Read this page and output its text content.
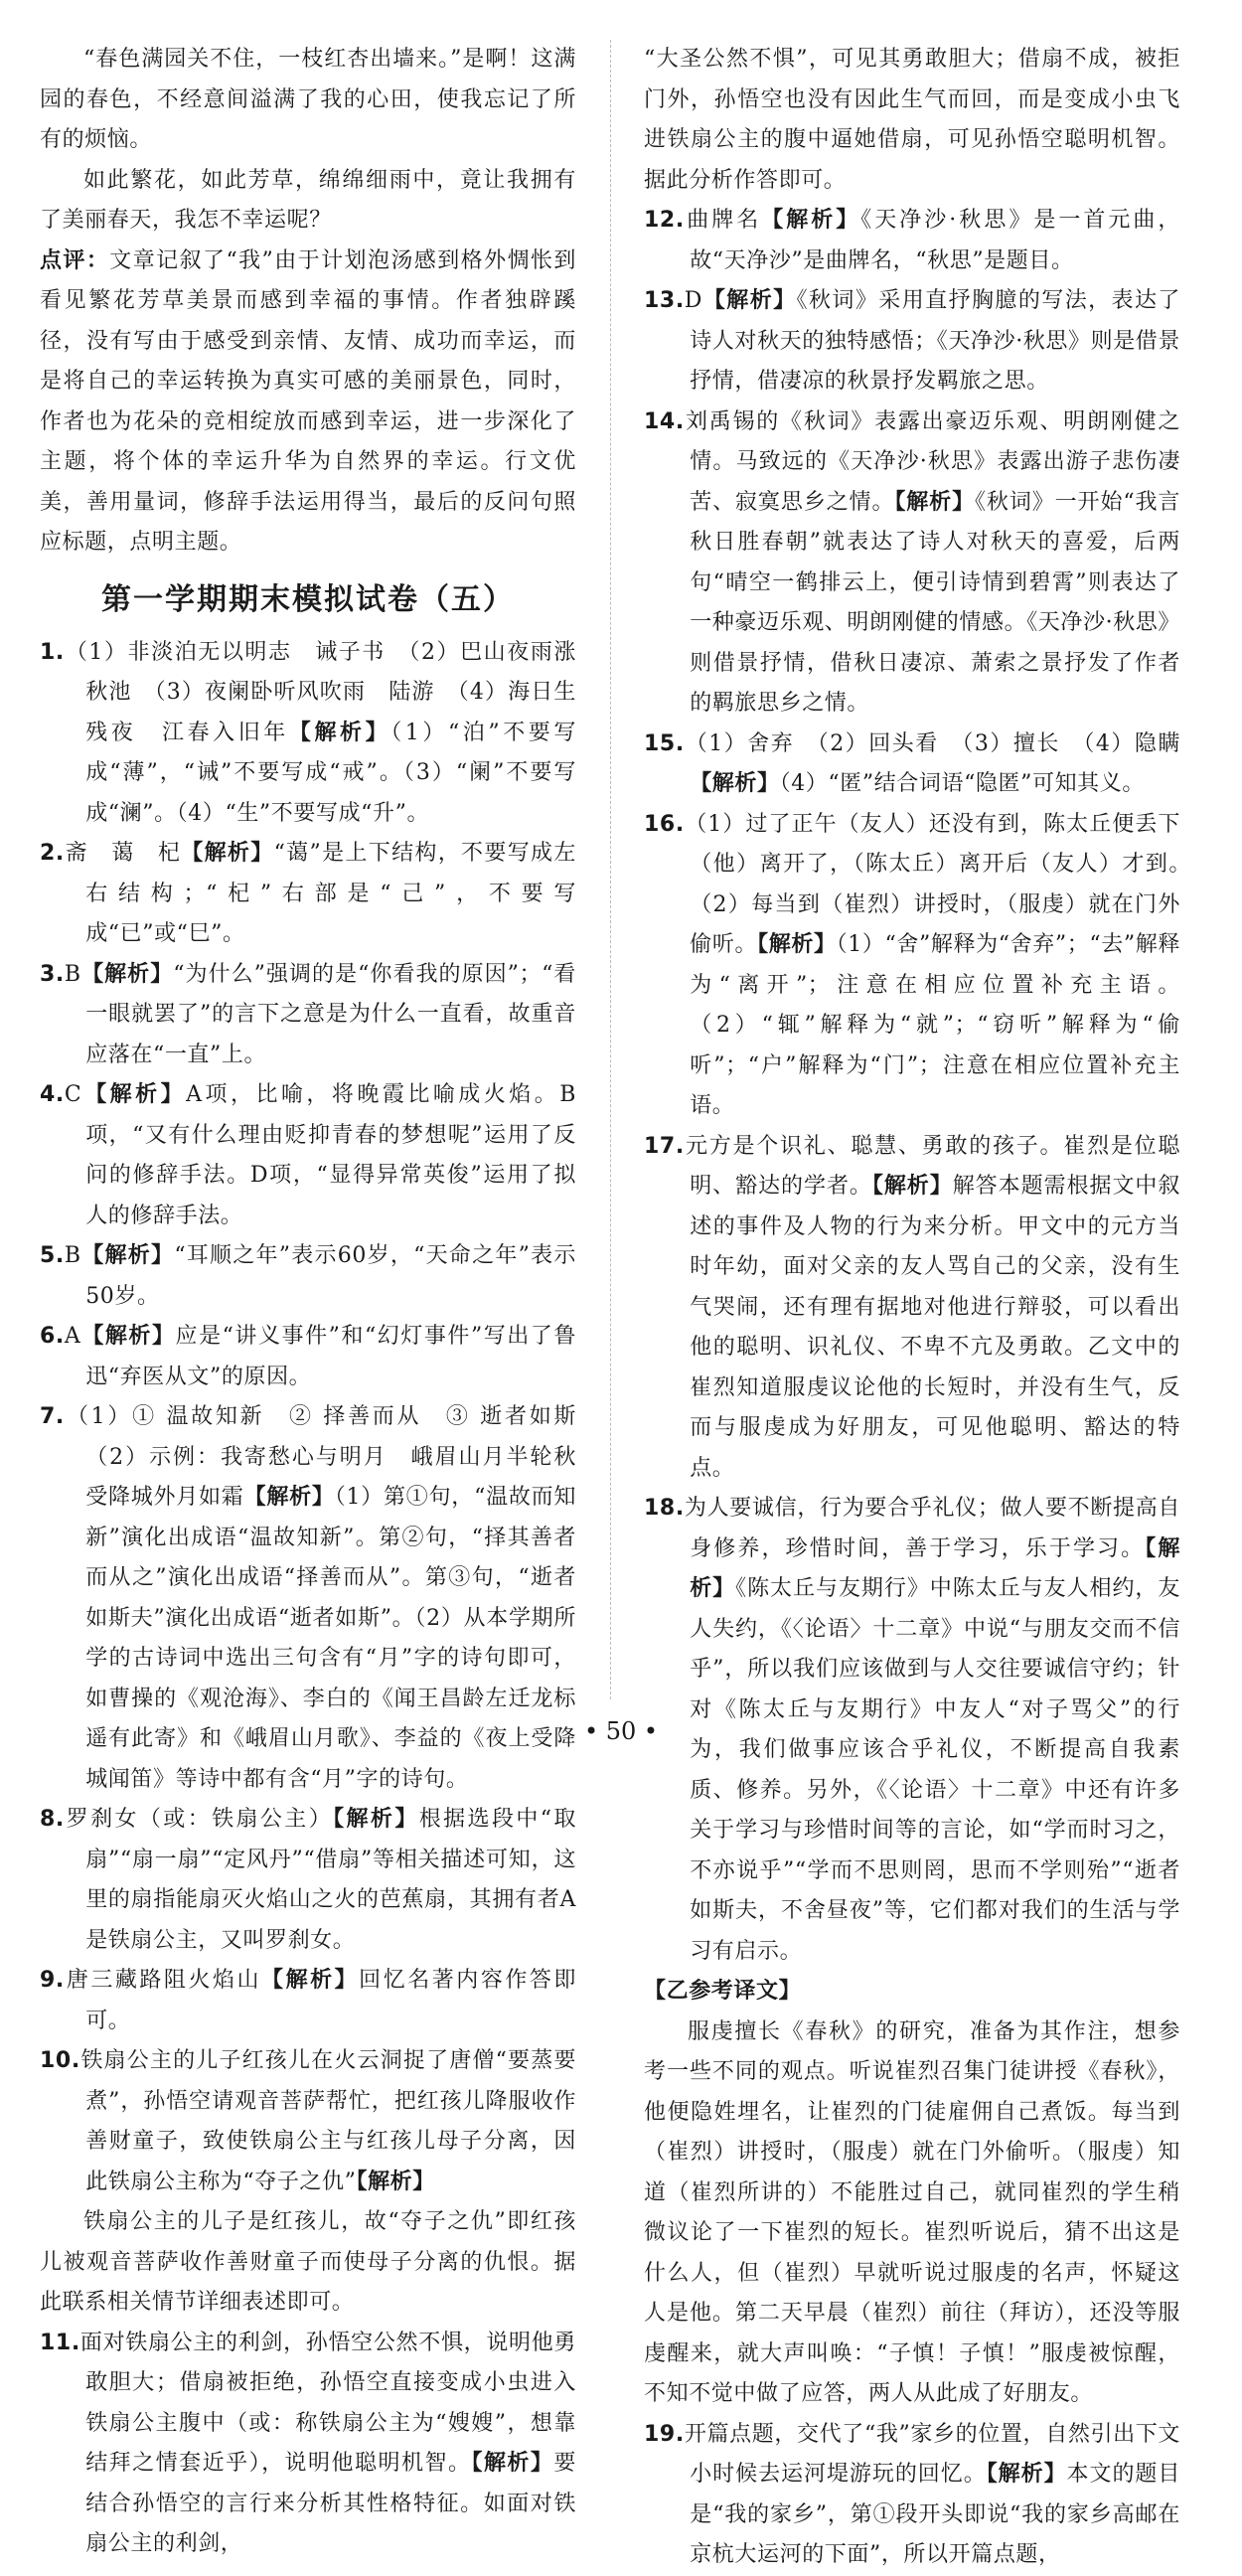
“春色满园关不住，一枝红杏出墙来。”是啊！这满园的春色，不经意间溢满了我的心田，使我忘记了所有的烦恼。

如此繁花，如此芳草，绵绵细雨中，竟让我拥有了美丽春天，我怎不幸运呢？

点评：文章记叙了“我”由于计划泡汤感到格外惆怅到看见繁花芳草美景而感到幸福的事情。作者独辟蹊径，没有写由于感受到亲情、友情、成功而幸运，而是将自己的幸运转换为真实可感的美丽景色，同时，作者也为花朵的竞相绽放而感到幸运，进一步深化了主题，将个体的幸运升华为自然界的幸运。行文优美，善用量词，修辞手法运用得当，最后的反问句照应标题，点明主题。

第一学期期末模拟试卷（五）

1.（1）非淡泊无以明志　诫子书　（2）巴山夜雨涨秋池　（3）夜阑卧听风吹雨　陆游　（4）海日生残夜　江春入旧年【解析】（1）“泊”不要写成“薄”，“诫”不要写成“戒”。（3）“阑”不要写成“澜”。（4）“生”不要写成“升”。

2.斋　蔼　杞【解析】“蔼”是上下结构，不要写成左右结构；“杞”右部是“己”，不要写成“已”或“巳”。

3.B【解析】“为什么”强调的是“你看我的原因”；“看一眼就罢了”的言下之意是为什么一直看，故重音应落在“一直”上。

4.C【解析】A项，比喻，将晚霞比喻成火焰。B项，“又有什么理由贬抑青春的梦想呢”运用了反问的修辞手法。D项，“显得异常英俊”运用了拟人的修辞手法。

5.B【解析】“耳顺之年”表示60岁，“天命之年”表示50岁。

6.A【解析】应是“讲义事件”和“幻灯事件”写出了鲁迅“弃医从文”的原因。

7.（1）① 温故知新　② 择善而从　③ 逝者如斯　（2）示例：我寄愁心与明月　峨眉山月半轮秋　受降城外月如霜【解析】（1）第①句，“温故而知新”演化出成语“温故知新”。第②句，“择其善者而从之”演化出成语“择善而从”。第③句，“逝者如斯夫”演化出成语“逝者如斯”。（2）从本学期所学的古诗词中选出三句含有“月”字的诗句即可，如曹操的《观沧海》、李白的《闻王昌龄左迁龙标遥有此寄》和《峨眉山月歌》、李益的《夜上受降城闻笛》等诗中都有含“月”字的诗句。

8.罗刹女（或：铁扇公主）【解析】根据选段中“取扇”“扇一扇”“定风丹”“借扇”等相关描述可知，这里的扇指能扇灭火焰山之火的芭蕉扇，其拥有者A是铁扇公主，又叫罗刹女。

9.唐三藏路阻火焰山【解析】回忆名著内容作答即可。

10.铁扇公主的儿子红孩儿在火云洞捉了唐僧“要蒸要煮”，孙悟空请观音菩萨帮忙，把红孩儿降服收作善财童子，致使铁扇公主与红孩儿母子分离，因此铁扇公主称为“夺子之仇”【解析】

铁扇公主的儿子是红孩儿，故“夺子之仇”即红孩儿被观音菩萨收作善财童子而使母子分离的仇恨。据此联系相关情节详细表述即可。

11.面对铁扇公主的利剑，孙悟空公然不惧，说明他勇敢胆大；借扇被拒绝，孙悟空直接变成小虫进入铁扇公主腹中（或：称铁扇公主为“嫂嫂”，想靠结拜之情套近乎），说明他聪明机智。【解析】要结合孙悟空的言行来分析其性格特征。如面对铁扇公主的利剑，

“大圣公然不惧”，可见其勇敢胆大；借扇不成，被拒门外，孙悟空也没有因此生气而回，而是变成小虫飞进铁扇公主的腹中逼她借扇，可见孙悟空聪明机智。据此分析作答即可。

12.曲牌名【解析】《天净沙·秋思》是一首元曲，故“天净沙”是曲牌名，“秋思”是题目。

13.D【解析】《秋词》采用直抒胸臆的写法，表达了诗人对秋天的独特感悟；《天净沙·秋思》则是借景抒情，借凄凉的秋景抒发羁旅之思。

14.刘禹锡的《秋词》表露出豪迈乐观、明朗刚健之情。马致远的《天净沙·秋思》表露出游子悲伤凄苦、寂寞思乡之情。【解析】《秋词》一开始“我言秋日胜春朝”就表达了诗人对秋天的喜爱，后两句“晴空一鹤排云上，便引诗情到碧霄”则表达了一种豪迈乐观、明朗刚健的情感。《天净沙·秋思》则借景抒情，借秋日凄凉、萧索之景抒发了作者的羁旅思乡之情。

15.（1）舍弃　（2）回头看　（3）擅长　（4）隐瞒【解析】（4）“匿”结合词语“隐匿”可知其义。

16.（1）过了正午（友人）还没有到，陈太丘便丢下（他）离开了，（陈太丘）离开后（友人）才到。　（2）每当到（崔烈）讲授时，（服虔）就在门外偷听。【解析】（1）“舍”解释为“舍弃”；“去”解释为“离开”；注意在相应位置补充主语。（2）“辄”解释为“就”；“窃听”解释为“偷听”；“户”解释为“门”；注意在相应位置补充主语。

17.元方是个识礼、聪慧、勇敢的孩子。崔烈是位聪明、豁达的学者。【解析】解答本题需根据文中叙述的事件及人物的行为来分析。甲文中的元方当时年幼，面对父亲的友人骂自己的父亲，没有生气哭闹，还有理有据地对他进行辩驳，可以看出他的聪明、识礼仪、不卑不亢及勇敢。乙文中的崔烈知道服虔议论他的长短时，并没有生气，反而与服虔成为好朋友，可见他聪明、豁达的特点。

18.为人要诚信，行为要合乎礼仪；做人要不断提高自身修养，珍惜时间，善于学习，乐于学习。【解析】《陈太丘与友期行》中陈太丘与友人相约，友人失约，《〈论语〉十二章》中说“与朋友交而不信乎”，所以我们应该做到与人交往要诚信守约；针对《陈太丘与友期行》中友人“对子骂父”的行为，我们做事应该合乎礼仪，不断提高自我素质、修养。另外，《〈论语〉十二章》中还有许多关于学习与珍惜时间等的言论，如“学而时习之，不亦说乎”“学而不思则罔，思而不学则殆”“逝者如斯夫，不舍昼夜”等，它们都对我们的生活与学习有启示。

【乙参考译文】

服虔擅长《春秋》的研究，准备为其作注，想参考一些不同的观点。听说崔烈召集门徒讲授《春秋》，他便隐姓埋名，让崔烈的门徒雇佣自己煮饭。每当到（崔烈）讲授时，（服虔）就在门外偷听。（服虔）知道（崔烈所讲的）不能胜过自己，就同崔烈的学生稍微议论了一下崔烈的短长。崔烈听说后，猜不出这是什么人，但（崔烈）早就听说过服虔的名声，怀疑这人是他。第二天早晨（崔烈）前往（拜访），还没等服虔醒来，就大声叫唤：“子慎！子慎！”服虔被惊醒，不知不觉中做了应答，两人从此成了好朋友。

19.开篇点题，交代了“我”家乡的位置，自然引出下文小时候去运河堤游玩的回忆。【解析】本文的题目是“我的家乡”，第①段开头即说“我的家乡高邮在京杭大运河的下面”，所以开篇点题，

• 50 •
